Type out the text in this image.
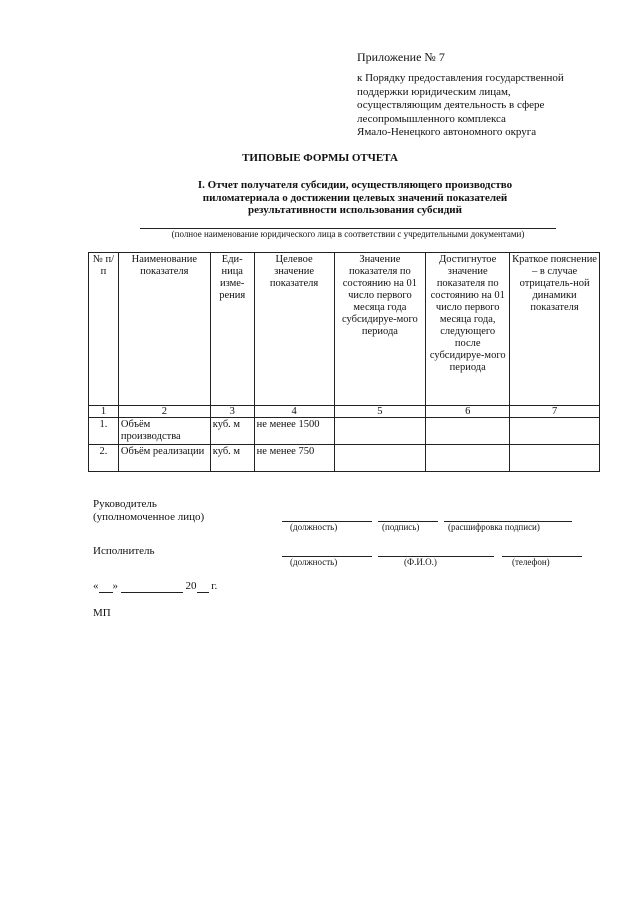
Приложение № 7
к Порядку предоставления государственной
поддержки юридическим лицам,
осуществляющим деятельность в сфере
лесопромышленного комплекса
Ямало-Ненецкого автономного округа
ТИПОВЫЕ ФОРМЫ ОТЧЕТА
I. Отчет получателя субсидии, осуществляющего производство
пиломатериала о достижении целевых значений показателей
результативности использования субсидий
(полное наименование юридического лица в соответствии с учредительными документами)
№ п/п	Наименование показателя	Еди-ница изме-рения	Целевое значение показателя	Значение показателя по состоянию на 01 число первого месяца года субсидируе-мого периода	Достигнутое значение показателя по состоянию на 01 число первого месяца года, следующего после субсидируе-мого периода	Краткое пояснение – в случае отрицатель-ной динамики показателя
1	2	3	4	5	6	7
1.	Объём производства	куб. м	не менее 1500			
2.	Объём реализации	куб. м	не менее 750			
Руководитель
(уполномоченное лицо)
(должность)	(подпись)	(расшифровка подписи)
Исполнитель
(должность)	(Ф.И.О.)	(телефон)
« »	20 г.
МП
